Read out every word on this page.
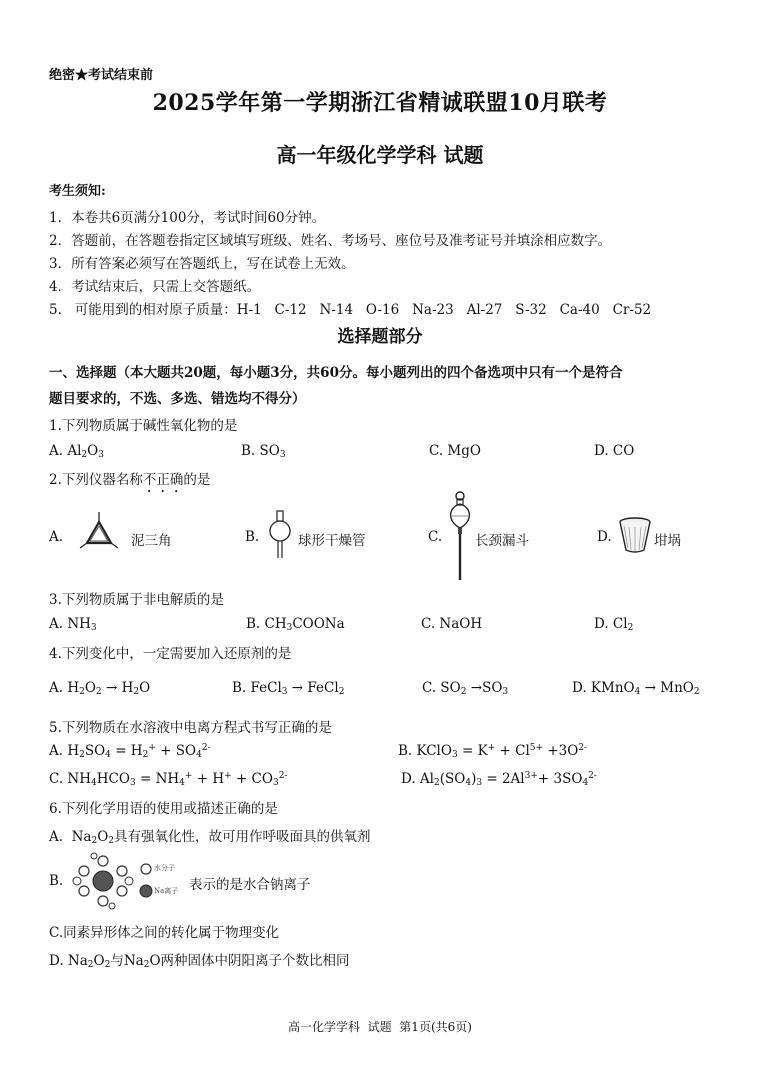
绝密★考试结束前
2025学年第一学期浙江省精诚联盟10月联考
高一年级化学学科 试题
考生须知:
1．本卷共6页满分100分，考试时间60分钟。
2．答题前，在答题卷指定区域填写班级、姓名、考场号、座位号及准考证号并填涂相应数字。
3．所有答案必须写在答题纸上，写在试卷上无效。
4．考试结束后，只需上交答题纸。
5.   可能用到的相对原子质量：H-1   C-12   N-14   O-16   Na-23   Al-27   S-32   Ca-40   Cr-52
选择题部分
一、选择题（本大题共20题，每小题3分，共60分。每小题列出的四个备选项中只有一个是符合
题目要求的，不选、多选、错选均不得分）
1.下列物质属于碱性氧化物的是
A. $Al_2O_3$	B. $SO_3$	C. MgO	D. CO
2.下列仪器名称不正确的是
A.	泥三角	B.	球形干燥管	C. 长颈漏斗	D.	坩埚
3.下列物质属于非电解质的是
A. $NH_3$	B. $CH_3COONa$	C. NaOH	D. $Cl_2$
4.下列变化中，一定需要加入还原剂的是
A. $H_2O_2 \to H_2O$	B. FeCl$_3$ → FeCl$_2$	C. $SO_2 \to SO_3$	D. KMnO$_4$ → MnO$_2$
5.下列物质在水溶液中电离方程式书写正确的是
A. $H_2SO_4 = H_2^+ + SO_4^{2-}$	B. KClO$_3$ = $K^+ + Cl^{5+} +3O^{2-}$
C. $NH_4HCO_3 = NH_4^+ + H^+ + CO_3^{2-}$	D. $Al_2(SO_4)_3 = 2Al^{3+}+ 3SO_4^{2-}$
6.下列化学用语的使用或描述正确的是
A.  $Na_2O_2$具有强氧化性，故可用作呼吸面具的供氧剂
B.
水分子
Na离子 表示的是水合钠离子
C.同素异形体之间的转化属于物理变化
D. $Na_2O_2$与$Na_2O$两种固体中阴阳离子个数比相同
高一化学学科  试题  第1页(共6页)
